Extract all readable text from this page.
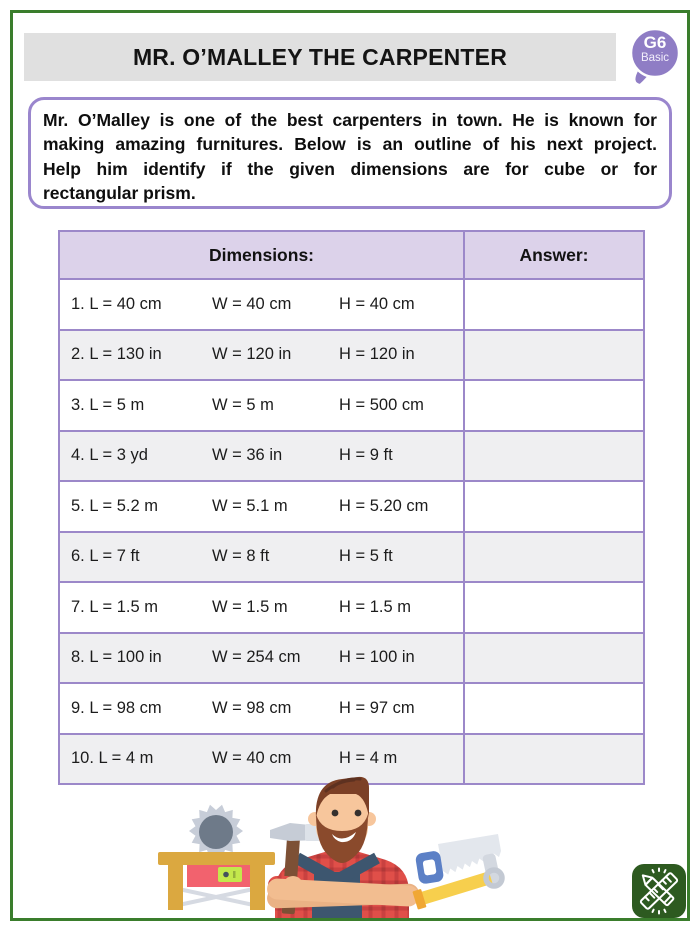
MR. O’MALLEY THE CARPENTER
G6
Basic
Mr. O’Malley is one of the best carpenters in town. He is known for
making amazing furnitures. Below is an outline of his next project.
Help him identify if the given dimensions are for cube or for
rectangular prism.
Dimensions:	Answer:
1. L = 40 cm W = 40 cm H = 40 cm	
2. L = 130 in W = 120 in H = 120 in	
3. L = 5 m W = 5 m H = 500 cm	
4. L = 3 yd W = 36 in H = 9 ft	
5. L = 5.2 m W = 5.1 m H = 5.20 cm	
6. L = 7 ft W = 8 ft H = 5 ft	
7. L = 1.5 m W = 1.5 m H = 1.5 m	
8. L = 100 in W = 254 cm H = 100 in	
9. L = 98 cm W = 98 cm H = 97 cm	
10. L = 4 m W = 40 cm H = 4 m	
